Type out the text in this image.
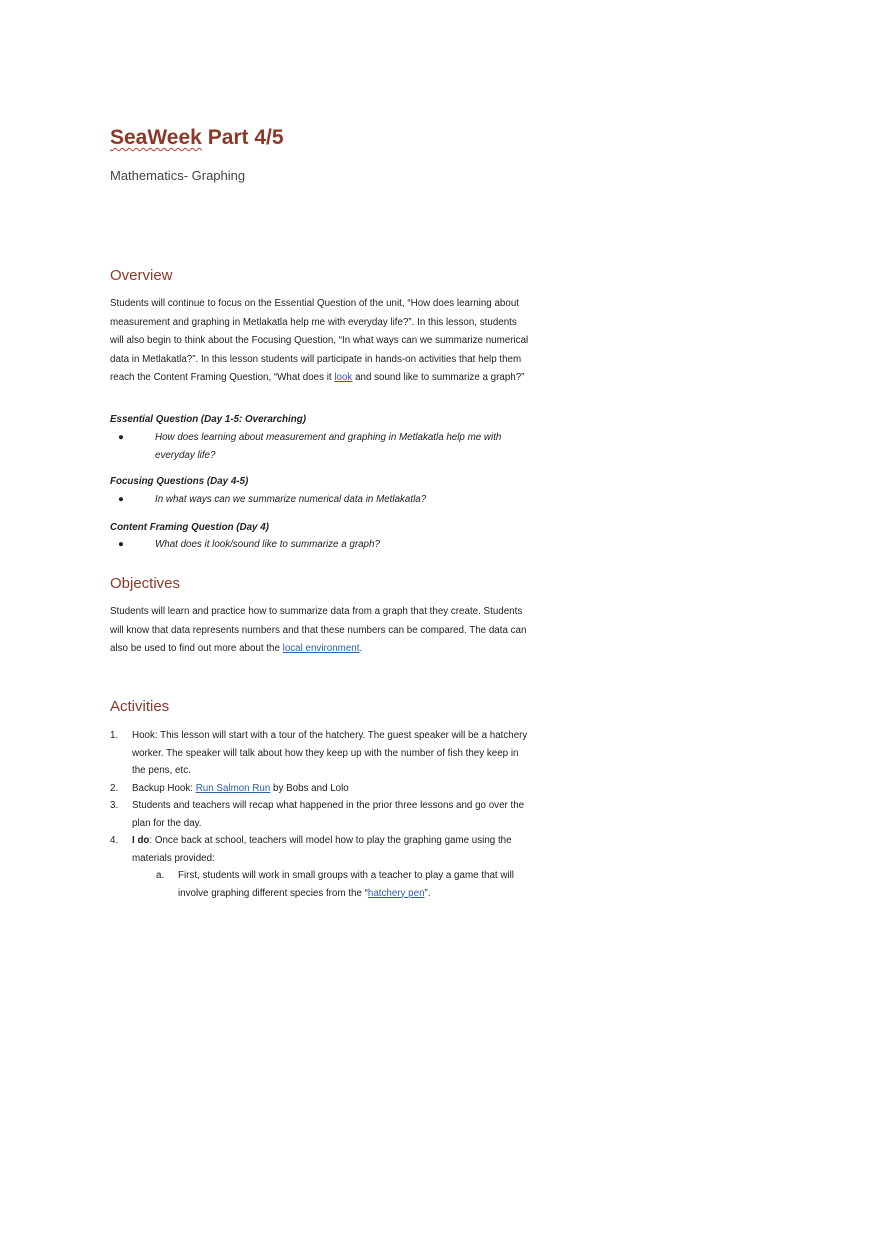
SeaWeek Part 4/5
Mathematics- Graphing
Overview
Students will continue to focus on the Essential Question of the unit, “How does learning about measurement and graphing in Metlakatla help me with everyday life?”. In this lesson, students will also begin to think about the Focusing Question, “In what ways can we summarize numerical data in Metlakatla?”. In this lesson students will participate in hands-on activities that help them reach the Content Framing Question, “What does it look and sound like to summarize a graph?”
Essential Question (Day 1-5: Overarching)
●	How does learning about measurement and graphing in Metlakatla help me with everyday life?
Focusing Questions (Day 4-5)
●	In what ways can we summarize numerical data in Metlakatla?
Content Framing Question (Day 4)
●	What does it look/sound like to summarize a graph?
Objectives
Students will learn and practice how to summarize data from a graph that they create. Students will know that data represents numbers and that these numbers can be compared. The data can also be used to find out more about the local environment.
Activities
1.	Hook: This lesson will start with a tour of the hatchery. The guest speaker will be a hatchery worker. The speaker will talk about how they keep up with the number of fish they keep in the pens, etc.
2.	Backup Hook: Run Salmon Run by Bobs and Lolo
3.	Students and teachers will recap what happened in the prior three lessons and go over the plan for the day.
4.	I do: Once back at school, teachers will model how to play the graphing game using the materials provided:
a.	First, students will work in small groups with a teacher to play a game that will involve graphing different species from the “hatchery pen”.
